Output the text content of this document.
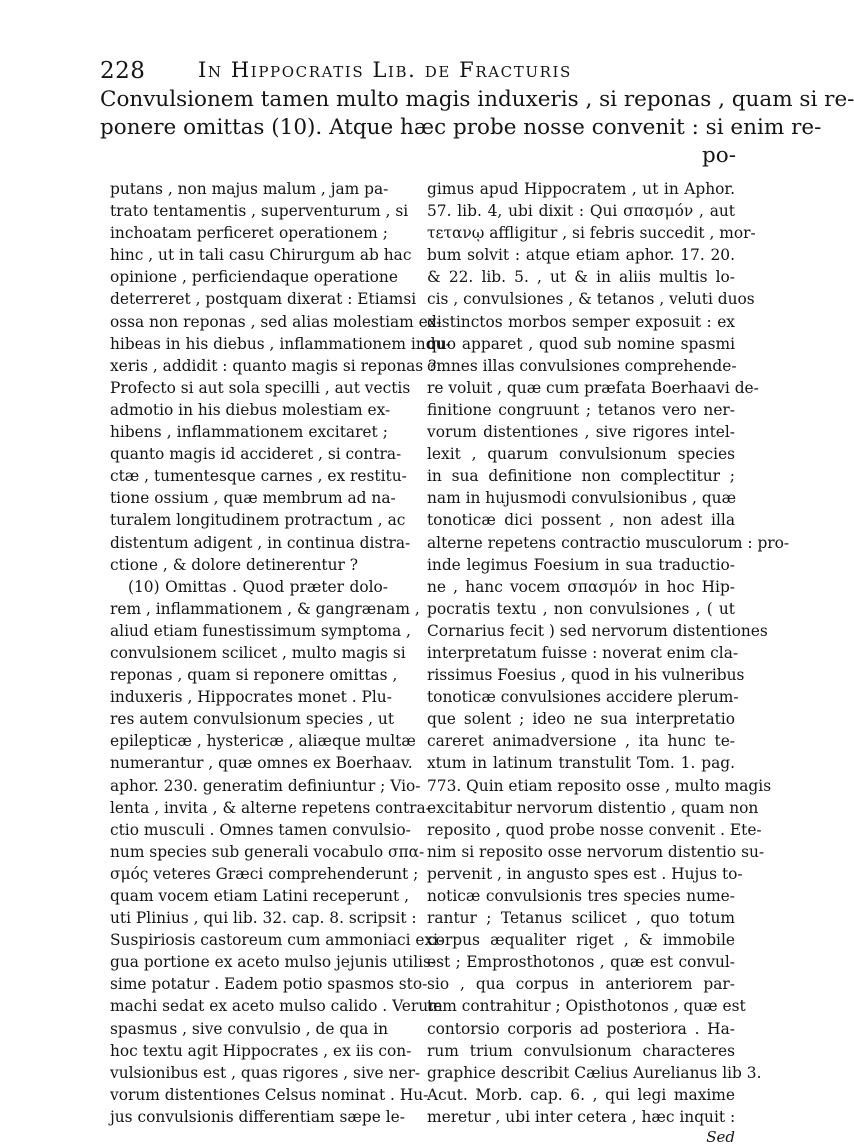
228	In Hippocratis Lib. de Fracturis
Convulsionem tamen multo magis induxeris , si reponas , quam si re-
ponere omittas (10). Atque hæc probe nosse convenit : si enim re-
po-
putans , non majus malum , jam pa-
trato tentamentis , superventurum , si
inchoatam perficeret operationem ;
hinc , ut in tali casu Chirurgum ab hac
opinione , perficiendaque operatione
deterreret , postquam dixerat : Etiamsi
ossa non reponas , sed alias molestiam ex-
hibeas in his diebus , inflammationem indu-
xeris , addidit : quanto magis si reponas ?
Profecto si aut sola specilli , aut vectis
admotio in his diebus molestiam ex-
hibens , inflammationem excitaret ;
quanto magis id accideret , si contra-
ctæ , tumentesque carnes , ex restitu-
tione ossium , quæ membrum ad na-
turalem longitudinem protractum , ac
distentum adigent , in continua distra-
ctione , & dolore detinerentur ?
(10) Omittas . Quod præter dolo-
rem , inflammationem , & gangrænam ,
aliud etiam funestissimum symptoma ,
convulsionem scilicet , multo magis si
reponas , quam si reponere omittas ,
induxeris , Hippocrates monet . Plu-
res autem convulsionum species , ut
epilepticæ , hystericæ , aliæque multæ
numerantur , quæ omnes ex Boerhaav.
aphor. 230. generatim definiuntur ; Vio-
lenta , invita , & alterne repetens contra-
ctio musculi . Omnes tamen convulsio-
num species sub generali vocabulo σπα-
σμός veteres Græci comprehenderunt ;
quam vocem etiam Latini receperunt ,
uti Plinius , qui lib. 32. cap. 8. scripsit :
Suspiriosis castoreum cum ammoniaci exi-
gua portione ex aceto mulso jejunis utilis-
sime potatur . Eadem potio spasmos sto-
machi sedat ex aceto mulso calido . Verum
spasmus , sive convulsio , de qua in
hoc textu agit Hippocrates , ex iis con-
vulsionibus est , quas rigores , sive ner-
vorum distentiones Celsus nominat . Hu-
jus convulsionis differentiam sæpe le-
gimus apud Hippocratem , ut in Aphor.
57. lib. 4, ubi dixit : Qui σπασμόν , aut
τετανῳ affligitur , si febris succedit , mor-
bum solvit : atque etiam aphor. 17. 20.
& 22. lib. 5. , ut & in aliis multis lo-
cis , convulsiones , & tetanos , veluti duos
distinctos morbos semper exposuit : ex
quo apparet , quod sub nomine spasmi
omnes illas convulsiones comprehende-
re voluit , quæ cum præfata Boerhaavi de-
finitione congruunt ; tetanos vero ner-
vorum distentiones , sive rigores intel-
lexit , quarum convulsionum species
in sua definitione non complectitur ;
nam in hujusmodi convulsionibus , quæ
tonoticæ dici possent , non adest illa
alterne repetens contractio musculorum : pro-
inde legimus Foesium in sua traductio-
ne , hanc vocem σπασμόν in hoc Hip-
pocratis textu , non convulsiones , ( ut
Cornarius fecit ) sed nervorum distentiones
interpretatum fuisse : noverat enim cla-
rissimus Foesius , quod in his vulneribus
tonoticæ convulsiones accidere plerum-
que solent ; ideo ne sua interpretatio
careret animadversione , ita hunc te-
xtum in latinum transtulit Tom. 1. pag.
773. Quin etiam reposito osse , multo magis
excitabitur nervorum distentio , quam non
reposito , quod probe nosse convenit . Ete-
nim si reposito osse nervorum distentio su-
pervenit , in angusto spes est . Hujus to-
noticæ convulsionis tres species nume-
rantur ; Tetanus scilicet , quo totum
corpus æqualiter riget , & immobile
est ; Emprosthotonos , quæ est convul-
sio , qua corpus in anteriorem par-
tem contrahitur ; Opisthotonos , quæ est
contorsio corporis ad posteriora . Ha-
rum trium convulsionum characteres
graphice describit Cælius Aurelianus lib 3.
Acut. Morb. cap. 6. , qui legi maxime
meretur , ubi inter cetera , hæc inquit :
Sed
